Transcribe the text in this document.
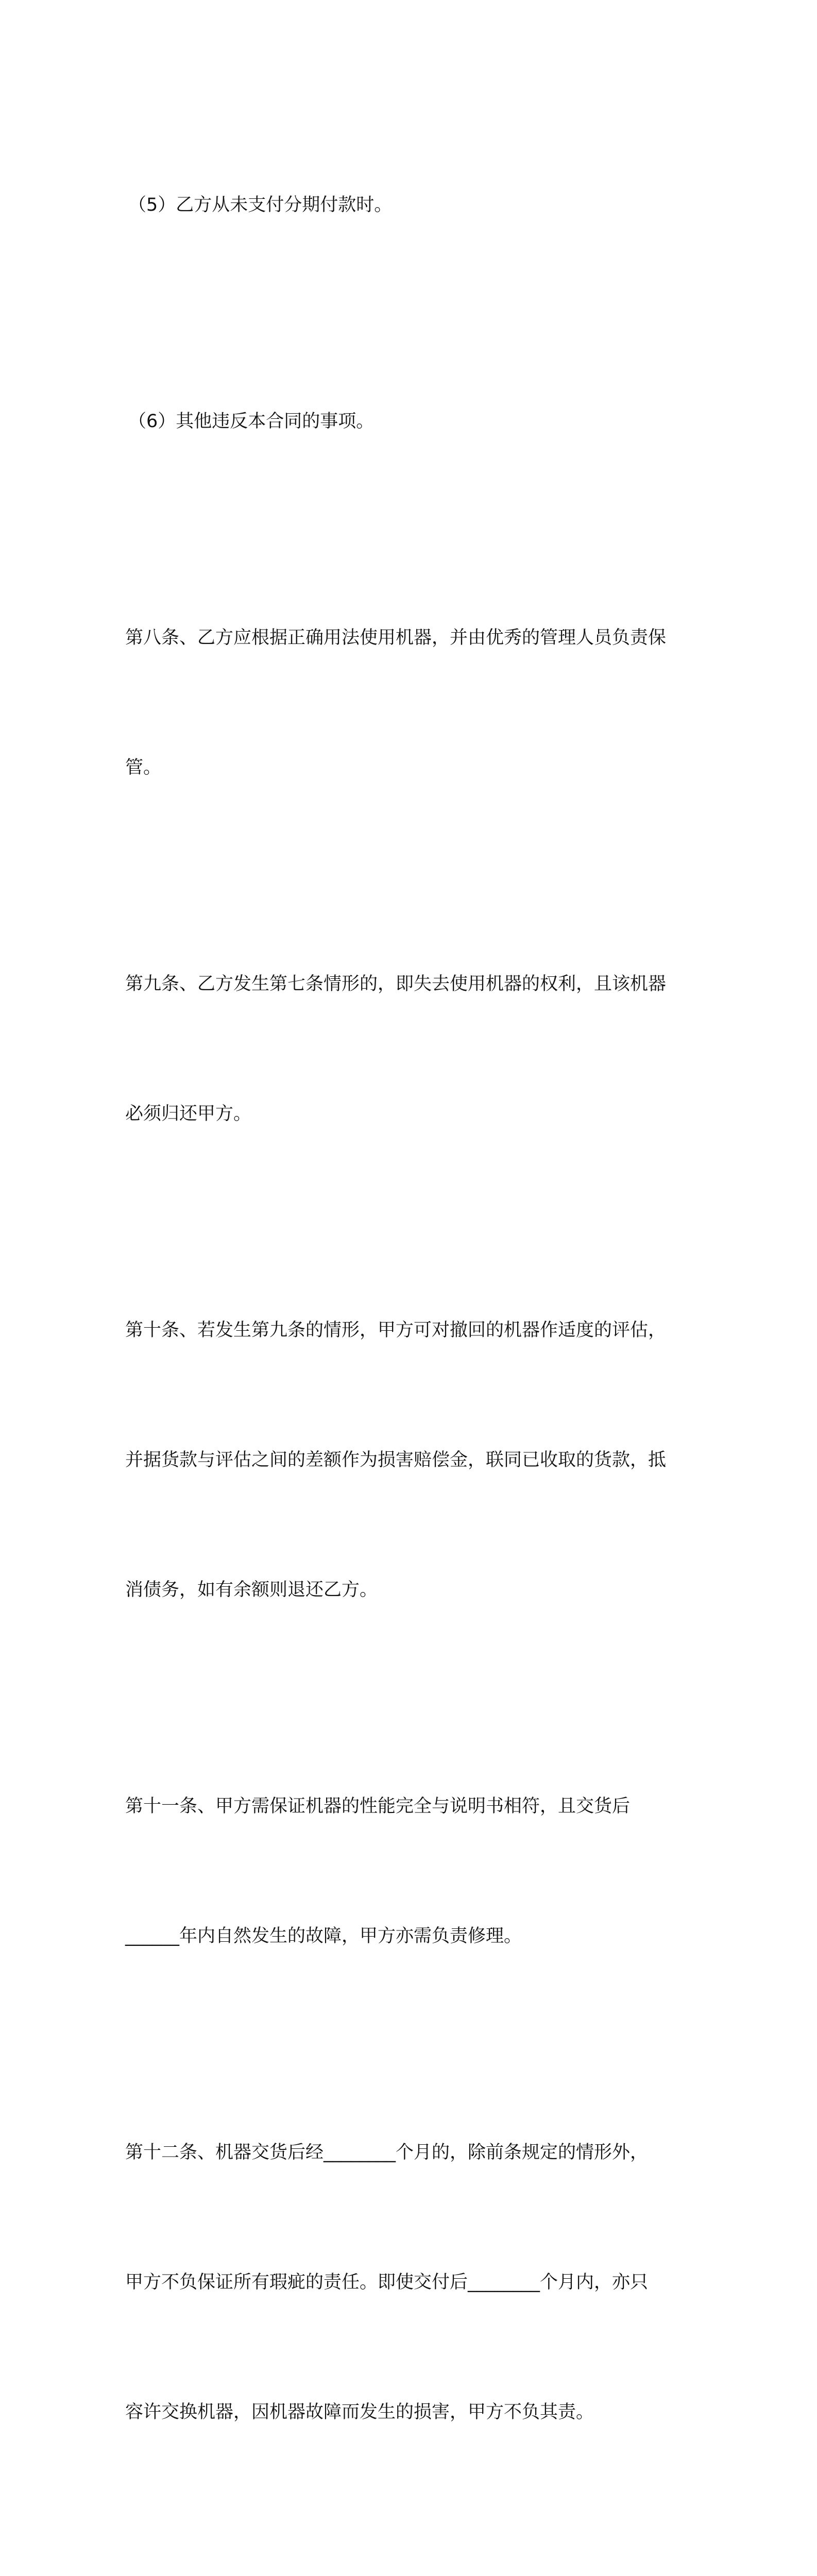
（5）乙方从未支付分期付款时。

（6）其他违反本合同的事项。

第八条、乙方应根据正确用法使用机器，并由优秀的管理人员负责保

管。

第九条、乙方发生第七条情形的，即失去使用机器的权利，且该机器

必须归还甲方。

第十条、若发生第九条的情形，甲方可对撤回的机器作适度的评估，

并据货款与评估之间的差额作为损害赔偿金，联同已收取的货款，抵

消债务，如有余额则退还乙方。

第十一条、甲方需保证机器的性能完全与说明书相符，且交货后

______年内自然发生的故障，甲方亦需负责修理。

第十二条、机器交货后经________个月的，除前条规定的情形外，

甲方不负保证所有瑕疵的责任。即使交付后________个月内，亦只

容许交换机器，因机器故障而发生的损害，甲方不负其责。
